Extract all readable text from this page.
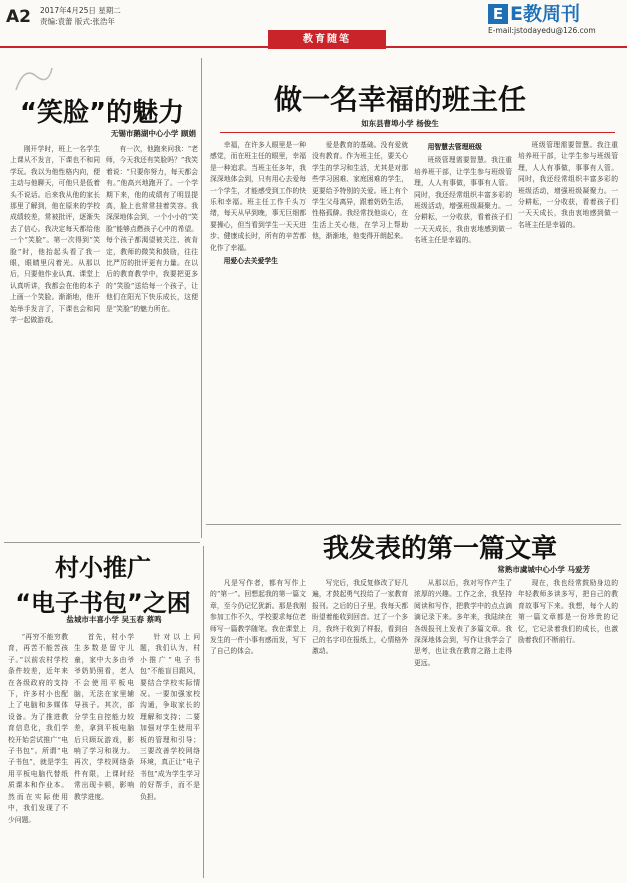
A2 2017年4月25日 星期二
责编:袁蕾 版式:张浩年
教育随笔
E E教周刊
E-mail:jstodayedu@126.com
“笑脸”的魅力
无锡市鹅湖中心小学 顾娟

刚开学时，班上一名学生上课从不发言，下课也不和同学玩。我以为他性格内向，便主动与他聊天，可他只是低着头不说话。后来我从他的家长那里了解到，他在原来的学校成绩较差，常被批评，逐渐失去了信心。我决定每天都给他一个“笑脸”。第一次得到“笑脸”时，他抬起头看了我一眼，眼睛里闪着光。从那以后，只要他作业认真、课堂上认真听讲，我都会在他的本子上画一个笑脸。渐渐地，他开始举手发言了，下课也会和同学一起做游戏。

有一次，他跑来问我：“老师，今天我还有笑脸吗？”我笑着说：“只要你努力，每天都会有。”他高兴地跑开了。一个学期下来，他的成绩有了明显提高，脸上也常常挂着笑容。我深深地体会到，一个小小的“笑脸”能够点燃孩子心中的希望。每个孩子都渴望被关注、被肯定，教师的微笑和鼓励，往往比严厉的批评更有力量。在以后的教育教学中，我要把更多的“笑脸”送给每一个孩子，让他们在阳光下快乐成长，这便是“笑脸”的魅力所在。

村小推广
“电子书包”之困
盐城市丰喜小学 吴玉春 蔡鸣

“再穷不能穷教育，再苦不能苦孩子。”以前农村学校条件较差，近年来在各级政府的支持下，许多村小也配上了电脑和多媒体设备。为了推进教育信息化，我们学校开始尝试推广“电子书包”。所谓“电子书包”，就是学生用平板电脑代替纸质课本和作业本。然而在实际使用中，我们发现了不少问题。

首先，村小学生多数是留守儿童，家中大多由爷爷奶奶照看，老人不会使用平板电脑，无法在家里辅导孩子。其次，部分学生自控能力较差，拿到平板电脑后只顾玩游戏，影响了学习和视力。再次，学校网络条件有限，上课时经常出现卡顿，影响教学进度。

针对以上问题，我们认为，村小推广“电子书包”不能盲目跟风，要结合学校实际情况。一要加强家校沟通，争取家长的理解和支持；二要加强对学生使用平板的管理和引导；三要改善学校网络环境，真正让“电子书包”成为学生学习的好帮手，而不是负担。

做一名幸福的班主任
如东县曹埠小学 杨俊生

幸福，在许多人眼里是一种感觉，而在班主任的眼里，幸福是一种追求。当班主任多年，我深深地体会到，只有用心去爱每一个学生，才能感受到工作的快乐和幸福。班主任工作千头万绪，每天从早到晚，事无巨细都要操心，但当看到学生一天天进步、健康成长时，所有的辛苦都化作了幸福。

用爱心去关爱学生

爱是教育的基础。没有爱就没有教育。作为班主任，要关心学生的学习和生活，尤其是对那些学习困难、家庭困难的学生，更要给予特别的关爱。班上有个学生父母离异，跟着奶奶生活，性格孤僻。我经常找他谈心，在生活上关心他，在学习上帮助他，渐渐地，他变得开朗起来。

用智慧去管理班级

班级管理需要智慧。我注重培养班干部，让学生参与班级管理，人人有事做，事事有人管。同时，我还经常组织丰富多彩的班级活动，增强班级凝聚力。一分耕耘，一分收获，看着孩子们一天天成长，我由衷地感到做一名班主任是幸福的。

班级管理需要智慧。我注重培养班干部，让学生参与班级管理，人人有事做，事事有人管。同时，我还经常组织丰富多彩的班级活动，增强班级凝聚力。一分耕耘，一分收获，看着孩子们一天天成长，我由衷地感到做一名班主任是幸福的。

我发表的第一篇文章
常熟市虞城中心小学 马爱芳

凡是写作者，都有写作上的“第一”。回想起我的第一篇文章，至今仍记忆犹新。那是我刚参加工作不久，学校要求每位老师写一篇教学随笔。我在课堂上发生的一件小事有感而发，写下了自己的体会。

写完后，我反复修改了好几遍，才鼓起勇气投给了一家教育报刊。之后的日子里，我每天都盼望着能收到回音。过了一个多月，我终于收到了样报，看到自己的名字印在报纸上，心情格外激动。

从那以后，我对写作产生了浓厚的兴趣。工作之余，我坚持阅读和写作，把教学中的点点滴滴记录下来。多年来，我陆续在各级报刊上发表了多篇文章。我深深地体会到，写作让我学会了思考，也让我在教育之路上走得更远。

现在，我也经常鼓励身边的年轻教师多读多写，把自己的教育故事写下来。我想，每个人的第一篇文章都是一份珍贵的记忆，它记录着我们的成长，也激励着我们不断前行。
